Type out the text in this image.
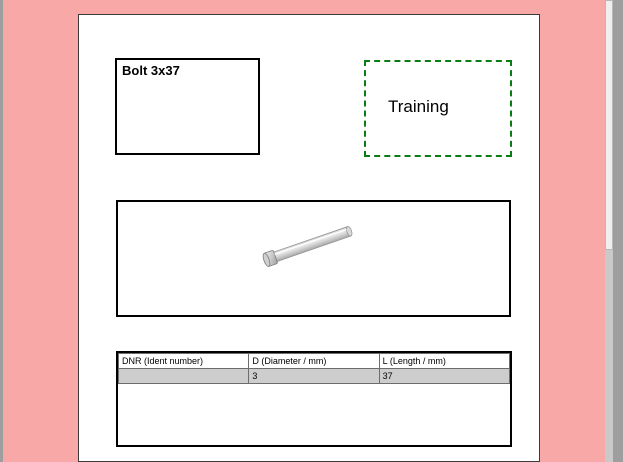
Bolt 3x37
Training
DNR (Ident number)	D (Diameter / mm)	L (Length / mm)
	3	37
